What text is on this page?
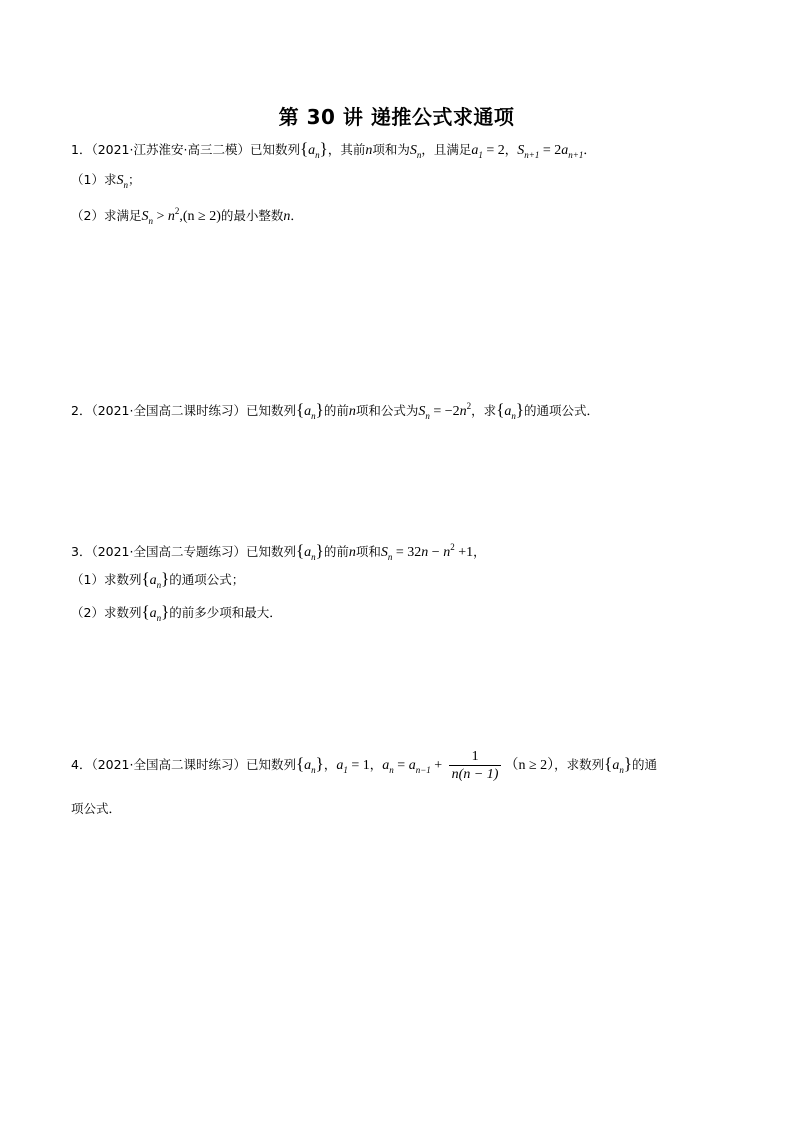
第 30 讲 递推公式求通项
1．（2021·江苏淮安·高三二模）已知数列$\{a_n\}$，其前n项和为$S_n$，且满足$a_1 = 2$，$S_{n+1} = 2a_{n+1}$．
（1）求$S_n$；
（2）求满足$S_n > n^2,(n \ge 2)$的最小整数n．
2．（2021·全国高二课时练习）已知数列$\{a_n\}$的前n项和公式为$S_n = -2n^2$，求$\{a_n\}$的通项公式．
3．（2021·全国高二专题练习）已知数列$\{a_n\}$的前n项和$S_n = 32n - n^2 +1$，
（1）求数列$\{a_n\}$的通项公式；
（2）求数列$\{a_n\}$的前多少项和最大．
4．（2021·全国高二课时练习）已知数列$\{a_n\}$，$a_1 = 1$，$a_n = a_{n-1} + \frac{1}{n(n - 1)} (n \ge 2)$，求数列$\{a_n\}$的通
项公式．
